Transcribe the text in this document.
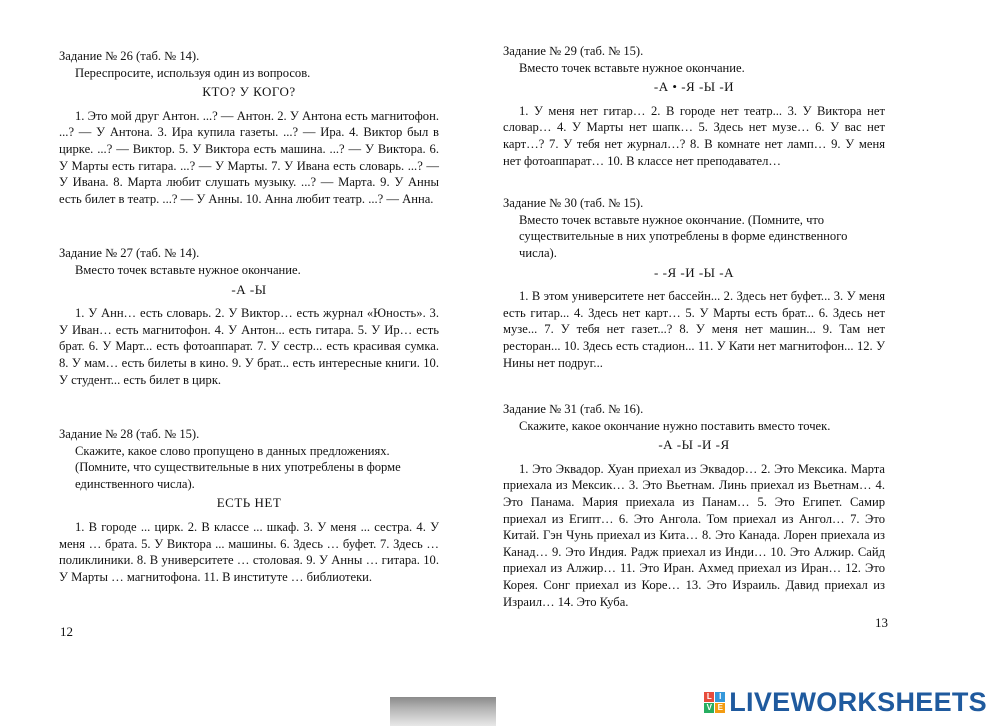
Задание № 26 (таб. № 14).

Переспросите, используя один из вопросов.

КТО? У КОГО?

1. Это мой друг Антон. ...? — Антон. 2. У Антона есть магнитофон. ...? — У Антона. 3. Ира купила газеты. ...? — Ира. 4. Виктор был в цирке. ...? — Виктор. 5. У Виктора есть машина. ...? — У Виктора. 6. У Марты есть гитара. ...? — У Марты. 7. У Ивана есть словарь. ...? — У Ивана. 8. Марта любит слушать музыку. ...? — Марта. 9. У Анны есть билет в театр. ...? — У Анны. 10. Анна любит театр. ...? — Анна.

Задание № 27 (таб. № 14).

Вместо точек вставьте нужное окончание.

-А -Ы

1. У Анн… есть словарь. 2. У Виктор… есть журнал «Юность». 3. У Иван… есть магнитофон. 4. У Антон... есть гитара. 5. У Ир… есть брат. 6. У Март... есть фотоаппарат. 7. У сестр... есть красивая сумка. 8. У мам… есть билеты в кино. 9. У брат... есть интересные книги. 10. У студент... есть билет в цирк.

Задание № 28 (таб. № 15).

Скажите, какое слово пропущено в данных предложениях. (Помните, что существительные в них употреблены в форме единственного числа).

ЕСТЬ НЕТ

1. В городе ... цирк. 2. В классе ... шкаф. 3. У меня ... сестра. 4. У меня … брата. 5. У Виктора ... машины. 6. Здесь … буфет. 7. Здесь … поликлиники. 8. В университете … столовая. 9. У Анны … гитара. 10. У Марты … магнитофона. 11. В институте … библиотеки.

12

Задание № 29 (таб. № 15).

Вместо точек вставьте нужное окончание.

-А • -Я -Ы -И

1. У меня нет гитар… 2. В городе нет театр... 3. У Виктора нет словар… 4. У Марты нет шапк… 5. Здесь нет музе… 6. У вас нет карт…? 7. У тебя нет журнал…? 8. В комнате нет ламп… 9. У меня нет фотоаппарат… 10. В классе нет преподавател…

Задание № 30 (таб. № 15).

Вместо точек вставьте нужное окончание. (Помните, что существительные в них употреблены в форме единственного числа).

- -Я -И -Ы -А

1. В этом университете нет бассейн... 2. Здесь нет буфет... 3. У меня есть гитар... 4. Здесь нет карт… 5. У Марты есть брат... 6. Здесь нет музе... 7. У тебя нет газет...? 8. У меня нет машин... 9. Там нет ресторан... 10. Здесь есть стадион... 11. У Кати нет магнитофон... 12. У Нины нет подруг...

Задание № 31 (таб. № 16).

Скажите, какое окончание нужно поставить вместо точек.

-А -Ы -И -Я

1. Это Эквадор. Хуан приехал из Эквадор… 2. Это Мексика. Марта приехала из Мексик… 3. Это Вьетнам. Линь приехал из Вьетнам… 4. Это Панама. Мария приехала из Панам… 5. Это Египет. Самир приехал из Египт… 6. Это Ангола. Том приехал из Ангол… 7. Это Китай. Гэн Чунь приехал из Кита… 8. Это Канада. Лорен приехала из Канад… 9. Это Индия. Радж приехал из Инди… 10. Это Алжир. Сайд приехал из Алжир… 11. Это Иран. Ахмед приехал из Иран… 12. Это Корея. Сонг приехал из Коре… 13. Это Израиль. Давид приехал из Израил… 14. Это Куба.

13
L I
V E LIVEWORKSHEETS
